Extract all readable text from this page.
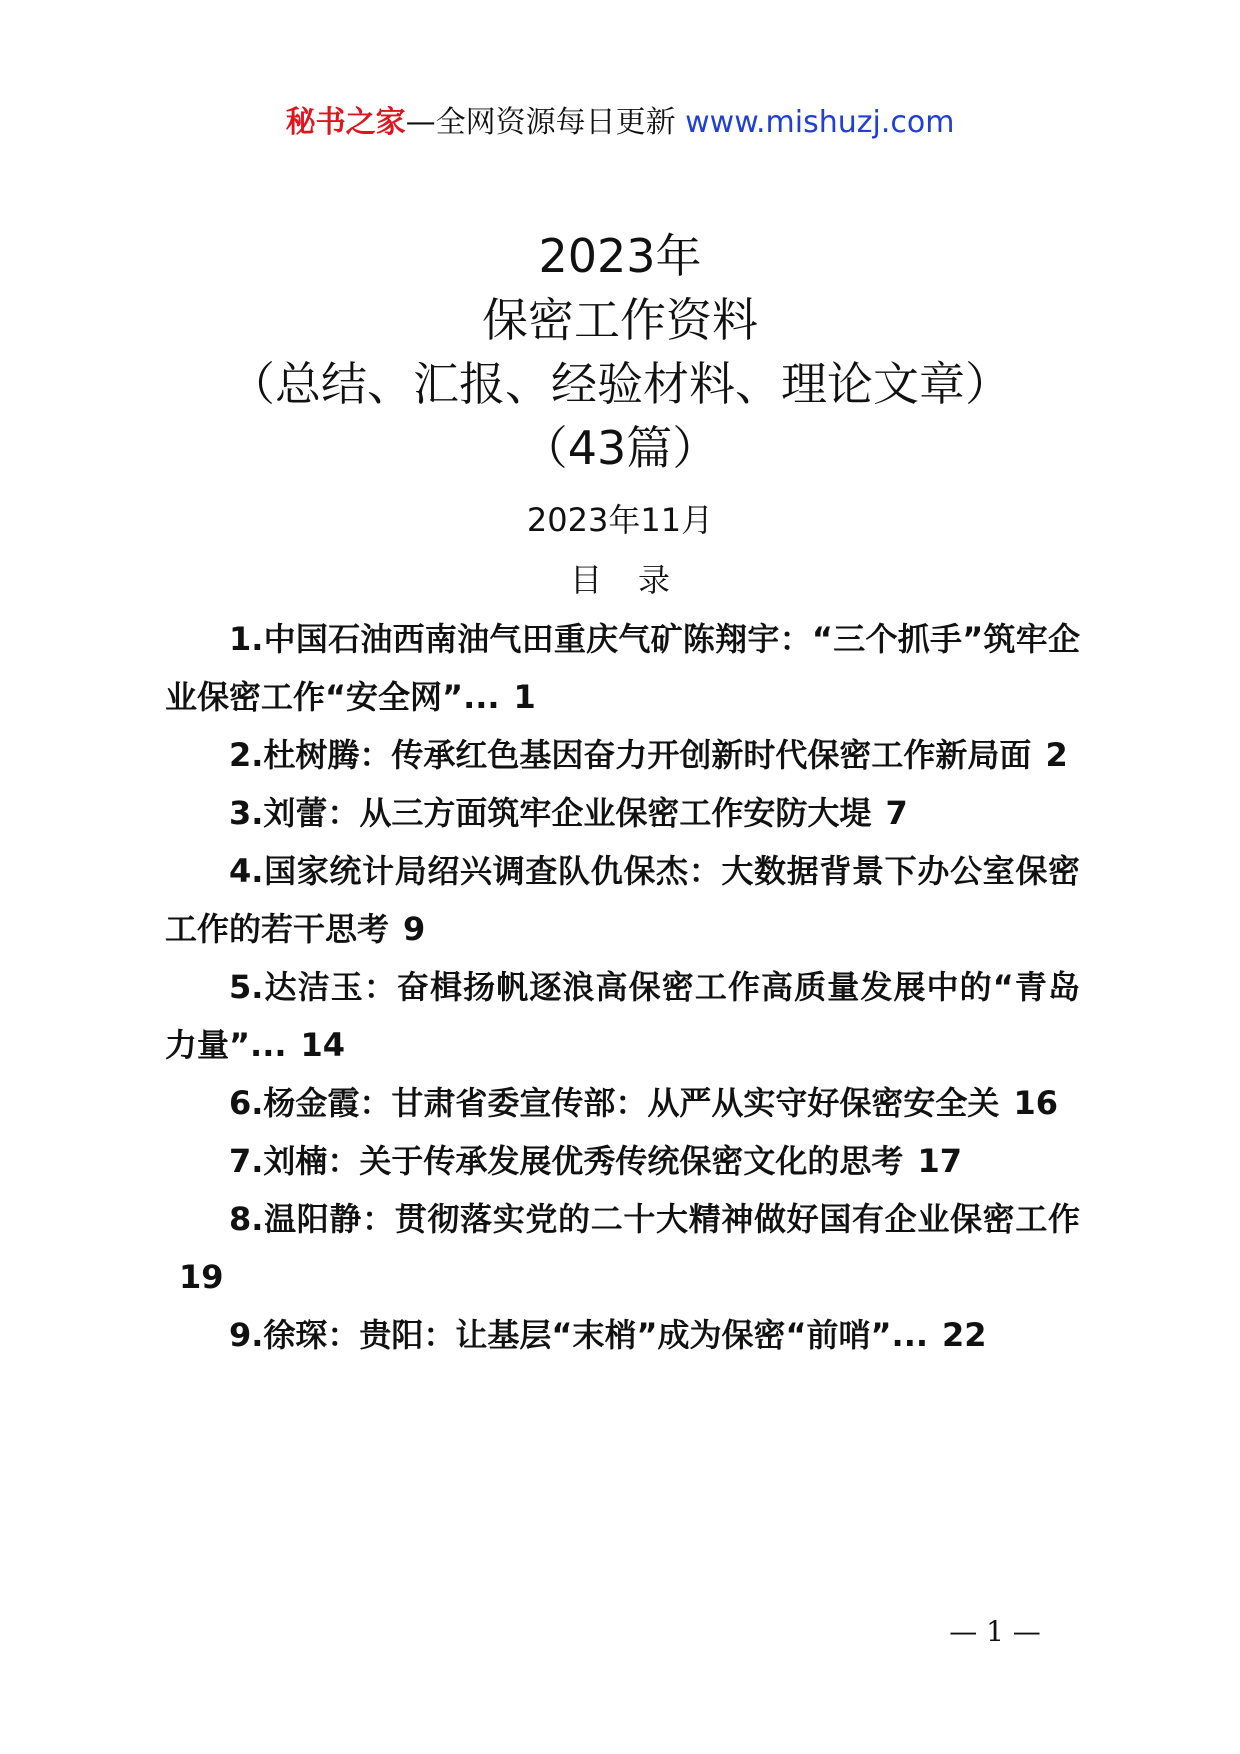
秘书之家—全网资源每日更新 www.mishuzj.com
2023年
保密工作资料
（总结、汇报、经验材料、理论文章）
（43篇）
2023年11月
目录

1.中国石油西南油气田重庆气矿陈翔宇：“三个抓手”筑牢企业保密工作“安全网”... 1

2.杜树腾：传承红色基因奋力开创新时代保密工作新局面 2

3.刘蕾：从三方面筑牢企业保密工作安防大堤 7

4.国家统计局绍兴调查队仇保杰：大数据背景下办公室保密工作的若干思考 9

5.达洁玉：奋楫扬帆逐浪高保密工作高质量发展中的“青岛力量”... 14

6.杨金霞：甘肃省委宣传部：从严从实守好保密安全关 16

7.刘楠：关于传承发展优秀传统保密文化的思考 17

8.温阳静：贯彻落实党的二十大精神做好国有企业保密工作19

9.徐琛：贵阳：让基层“末梢”成为保密“前哨”... 22

— 1 —
